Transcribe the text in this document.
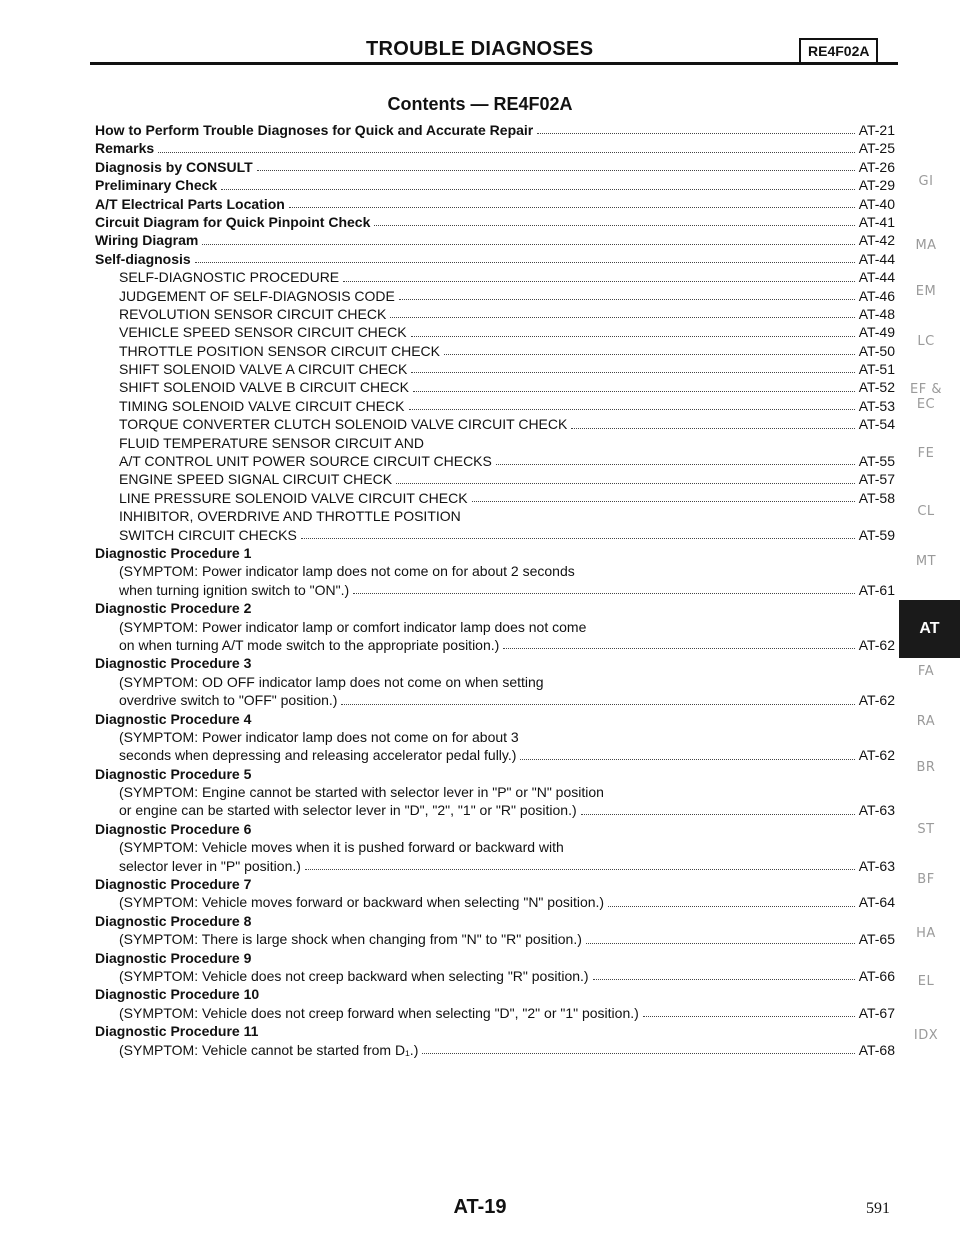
TROUBLE DIAGNOSES	RE4F02A
Contents — RE4F02A
How to Perform Trouble Diagnoses for Quick and Accurate Repair	AT-21
Remarks	AT-25
Diagnosis by CONSULT	AT-26
Preliminary Check	AT-29
A/T Electrical Parts Location	AT-40
Circuit Diagram for Quick Pinpoint Check	AT-41
Wiring Diagram	AT-42
Self-diagnosis	AT-44
SELF-DIAGNOSTIC PROCEDURE	AT-44
JUDGEMENT OF SELF-DIAGNOSIS CODE	AT-46
REVOLUTION SENSOR CIRCUIT CHECK	AT-48
VEHICLE SPEED SENSOR CIRCUIT CHECK	AT-49
THROTTLE POSITION SENSOR CIRCUIT CHECK	AT-50
SHIFT SOLENOID VALVE A CIRCUIT CHECK	AT-51
SHIFT SOLENOID VALVE B CIRCUIT CHECK	AT-52
TIMING SOLENOID VALVE CIRCUIT CHECK	AT-53
TORQUE CONVERTER CLUTCH SOLENOID VALVE CIRCUIT CHECK	AT-54
FLUID TEMPERATURE SENSOR CIRCUIT AND
A/T CONTROL UNIT POWER SOURCE CIRCUIT CHECKS	AT-55
ENGINE SPEED SIGNAL CIRCUIT CHECK	AT-57
LINE PRESSURE SOLENOID VALVE CIRCUIT CHECK	AT-58
INHIBITOR, OVERDRIVE AND THROTTLE POSITION
SWITCH CIRCUIT CHECKS	AT-59
Diagnostic Procedure 1
(SYMPTOM: Power indicator lamp does not come on for about 2 seconds
when turning ignition switch to "ON".)	AT-61
Diagnostic Procedure 2
(SYMPTOM: Power indicator lamp or comfort indicator lamp does not come
on when turning A/T mode switch to the appropriate position.)	AT-62
Diagnostic Procedure 3
(SYMPTOM: OD OFF indicator lamp does not come on when setting
overdrive switch to "OFF" position.)	AT-62
Diagnostic Procedure 4
(SYMPTOM: Power indicator lamp does not come on for about 3
seconds when depressing and releasing accelerator pedal fully.)	AT-62
Diagnostic Procedure 5
(SYMPTOM: Engine cannot be started with selector lever in "P" or "N" position
or engine can be started with selector lever in "D", "2", "1" or "R" position.)	AT-63
Diagnostic Procedure 6
(SYMPTOM: Vehicle moves when it is pushed forward or backward with
selector lever in "P" position.)	AT-63
Diagnostic Procedure 7
(SYMPTOM: Vehicle moves forward or backward when selecting "N" position.)	AT-64
Diagnostic Procedure 8
(SYMPTOM: There is large shock when changing from "N" to "R" position.)	AT-65
Diagnostic Procedure 9
(SYMPTOM: Vehicle does not creep backward when selecting "R" position.)	AT-66
Diagnostic Procedure 10
(SYMPTOM: Vehicle does not creep forward when selecting "D", "2" or "1" position.)	AT-67
Diagnostic Procedure 11
(SYMPTOM: Vehicle cannot be started from D₁.)	AT-68
GI
MA
EM
LC
EF & EC
FE
CL
MT
FA
RA
BR
ST
BF
HA
EL
IDX
AT
AT-19	591
